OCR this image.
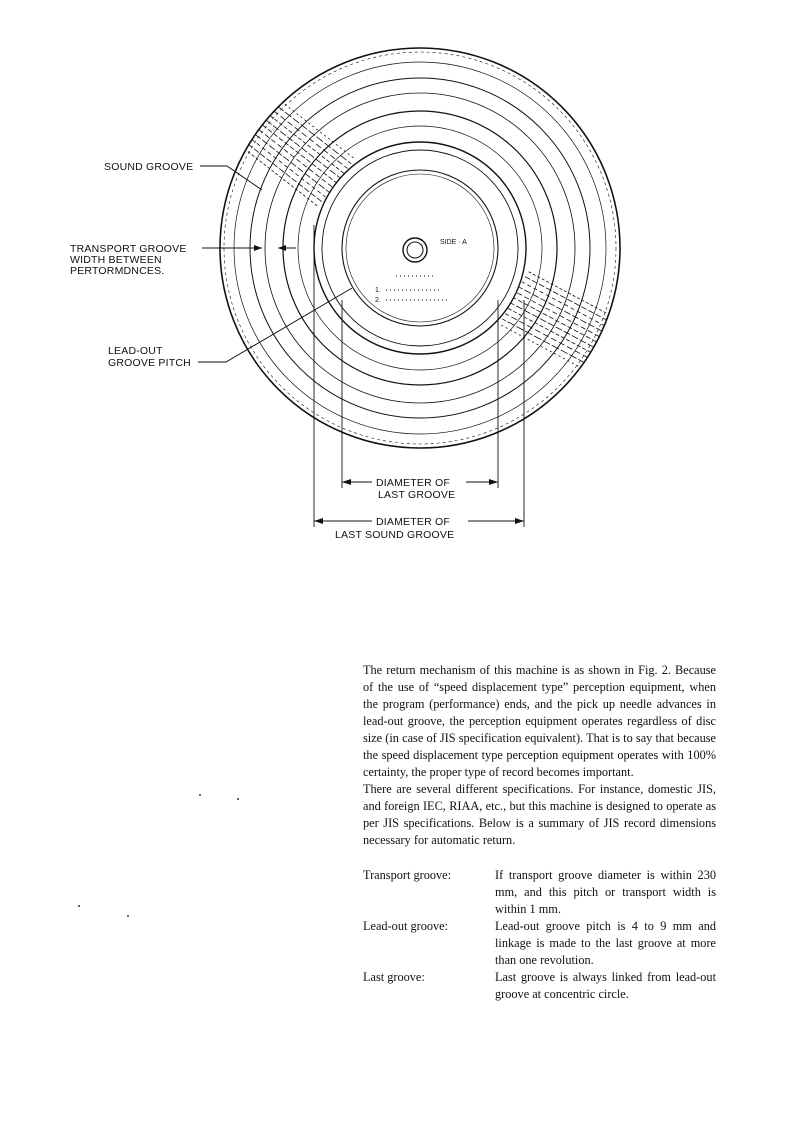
SIDE · A
1.
2.
SOUND GROOVE
TRANSPORT GROOVE
WIDTH BETWEEN
PERTORMDNCES.
LEAD-OUT
GROOVE PITCH
DIAMETER OF
LAST GROOVE
DIAMETER OF
LAST SOUND GROOVE

The return mechanism of this machine is as shown in Fig. 2. Because of the use of “speed displacement type” perception equipment, when the program (performance) ends, and the pick up needle advances in lead-out groove, the perception equipment operates regardless of disc size (in case of JIS specification equivalent). That is to say that because the speed displacement type perception equipment operates with 100% certainty, the proper type of record becomes important.

There are several different specifications. For instance, domestic JIS, and foreign IEC, RIAA, etc., but this machine is designed to operate as per JIS specifications. Below is a summary of JIS record dimensions necessary for automatic return.

Transport groove:	If transport groove diameter is within 230 mm, and this pitch or transport width is within 1 mm.
Lead-out groove:	Lead-out groove pitch is 4 to 9 mm and linkage is made to the last groove at more than one revolution.
Last groove:	Last groove is always linked from lead-out groove at concentric circle.
